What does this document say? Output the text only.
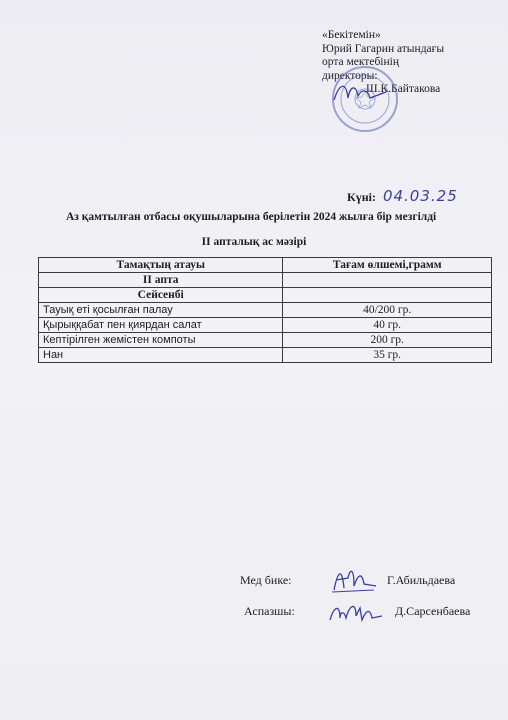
«Бекітемін»
Юрий Гагарин атындағы
орта мектебінің
директоры:
Ш.К.Байтакова
Күні: 04.03.25
Аз қамтылған отбасы оқушыларына берілетін 2024 жылға бір мезгілді
II апталық ас мәзірі
Тамақтың атауы	Тағам өлшемі,грамм
II апта	
Сейсенбі	
Тауық еті қосылған палау	40/200 гр.
Қырыққабат пен қиярдан салат	40 гр.
Кептірілген жемістен компоты	200 гр.
Нан	35 гр.
Мед бике:	Г.Абильдаева
Аспазшы:	Д.Сарсенбаева
